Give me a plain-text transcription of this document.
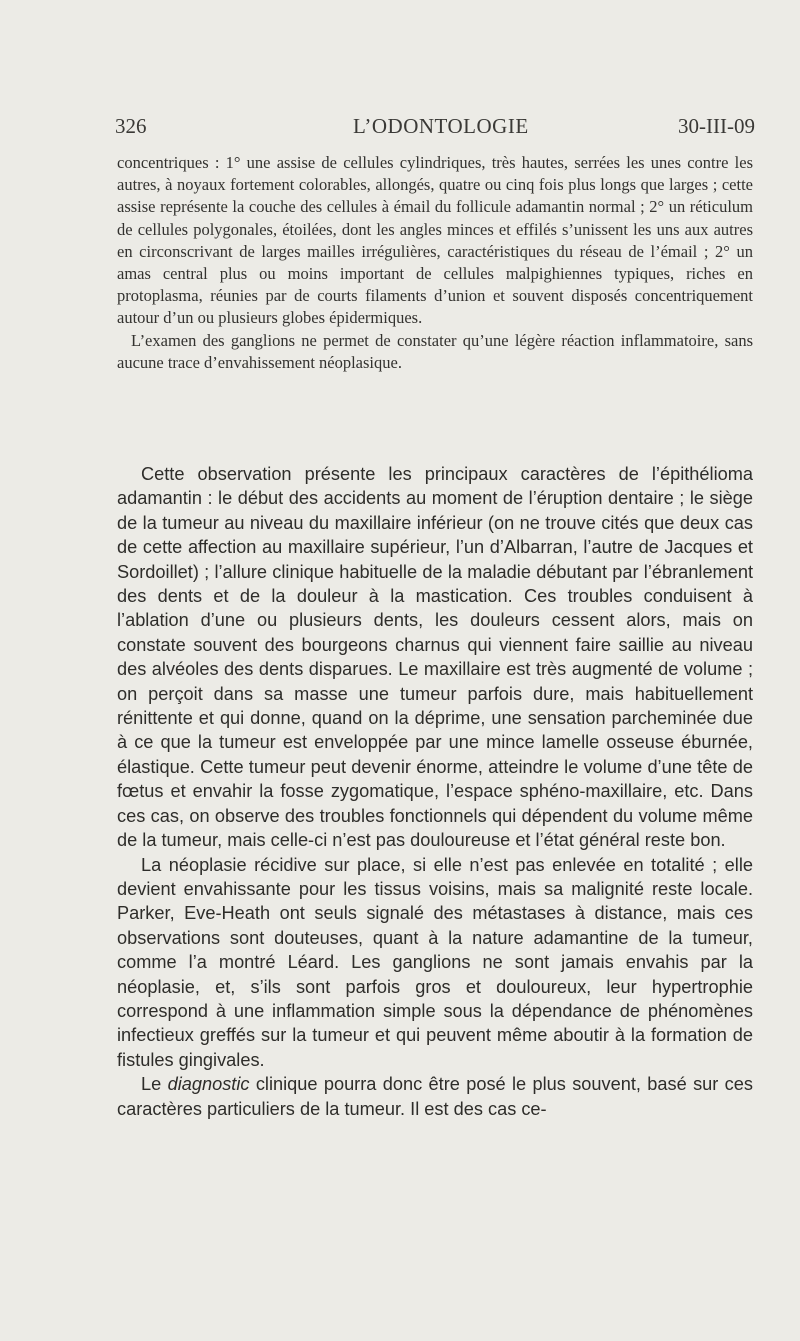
326	L’ODONTOLOGIE	30-III-09

concentriques : 1° une assise de cellules cylindriques, très hautes, serrées les unes contre les autres, à noyaux fortement colorables, allongés, quatre ou cinq fois plus longs que larges ; cette assise représente la couche des cellules à émail du follicule adamantin normal ; 2° un réticulum de cellules polygonales, étoilées, dont les angles minces et effilés s’unissent les uns aux autres en circonscrivant de larges mailles irrégulières, caractéristiques du réseau de l’émail ; 2° un amas central plus ou moins important de cellules malpighiennes typiques, riches en protoplasma, réunies par de courts filaments d’union et souvent disposés concentriquement autour d’un ou plusieurs globes épidermiques.

L’examen des ganglions ne permet de constater qu’une légère réaction inflammatoire, sans aucune trace d’envahissement néoplasique.

Cette observation présente les principaux caractères de l’épithélioma adamantin : le début des accidents au moment de l’éruption dentaire ; le siège de la tumeur au niveau du maxillaire inférieur (on ne trouve cités que deux cas de cette affection au maxillaire supérieur, l’un d’Albarran, l’autre de Jacques et Sordoillet) ; l’allure clinique habituelle de la maladie débutant par l’ébranlement des dents et de la douleur à la mastication. Ces troubles conduisent à l’ablation d’une ou plusieurs dents, les douleurs cessent alors, mais on constate souvent des bourgeons charnus qui viennent faire saillie au niveau des alvéoles des dents disparues. Le maxillaire est très augmenté de volume ; on perçoit dans sa masse une tumeur parfois dure, mais habituellement rénittente et qui donne, quand on la déprime, une sensation parcheminée due à ce que la tumeur est enveloppée par une mince lamelle osseuse éburnée, élastique. Cette tumeur peut devenir énorme, atteindre le volume d’une tête de fœtus et envahir la fosse zygomatique, l’espace sphéno-maxillaire, etc. Dans ces cas, on observe des troubles fonctionnels qui dépendent du volume même de la tumeur, mais celle-ci n’est pas douloureuse et l’état général reste bon.

La néoplasie récidive sur place, si elle n’est pas enlevée en totalité ; elle devient envahissante pour les tissus voisins, mais sa malignité reste locale. Parker, Eve-Heath ont seuls signalé des métastases à distance, mais ces observations sont douteuses, quant à la nature adamantine de la tumeur, comme l’a montré Léard. Les ganglions ne sont jamais envahis par la néoplasie, et, s’ils sont parfois gros et douloureux, leur hypertrophie correspond à une inflammation simple sous la dépendance de phénomènes infectieux greffés sur la tumeur et qui peuvent même aboutir à la formation de fistules gingivales.

Le diagnostic clinique pourra donc être posé le plus souvent, basé sur ces caractères particuliers de la tumeur. Il est des cas ce-
